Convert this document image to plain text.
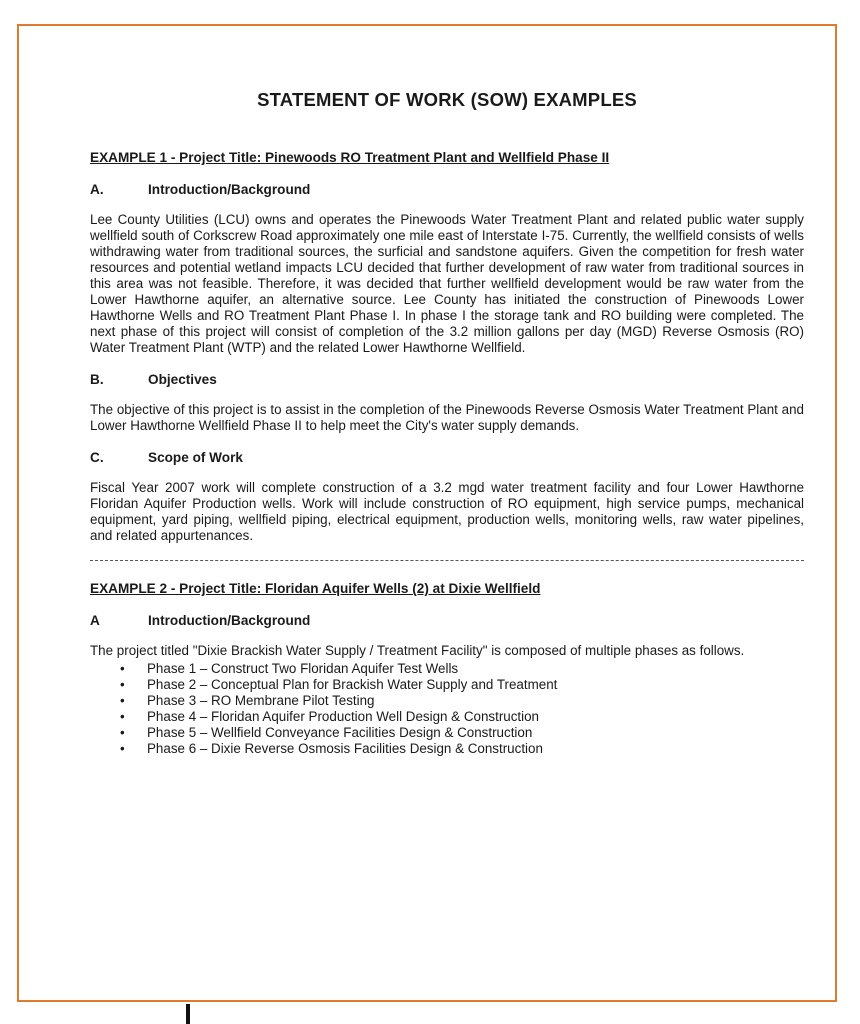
STATEMENT OF WORK (SOW) EXAMPLES
EXAMPLE 1 - Project Title: Pinewoods RO Treatment Plant and Wellfield Phase II
A.	Introduction/Background

Lee County Utilities (LCU) owns and operates the Pinewoods Water Treatment Plant and related public water supply wellfield south of Corkscrew Road approximately one mile east of Interstate I-75. Currently, the wellfield consists of wells withdrawing water from traditional sources, the surficial and sandstone aquifers. Given the competition for fresh water resources and potential wetland impacts LCU decided that further development of raw water from traditional sources in this area was not feasible. Therefore, it was decided that further wellfield development would be raw water from the Lower Hawthorne aquifer, an alternative source. Lee County has initiated the construction of Pinewoods Lower Hawthorne Wells and RO Treatment Plant Phase I. In phase I the storage tank and RO building were completed. The next phase of this project will consist of completion of the 3.2 million gallons per day (MGD) Reverse Osmosis (RO) Water Treatment Plant (WTP) and the related Lower Hawthorne Wellfield.

B.	Objectives

The objective of this project is to assist in the completion of the Pinewoods Reverse Osmosis Water Treatment Plant and Lower Hawthorne Wellfield Phase II to help meet the City's water supply demands.

C.	Scope of Work

Fiscal Year 2007 work will complete construction of a 3.2 mgd water treatment facility and four Lower Hawthorne Floridan Aquifer Production wells. Work will include construction of RO equipment, high service pumps, mechanical equipment, yard piping, wellfield piping, electrical equipment, production wells, monitoring wells, raw water pipelines, and related appurtenances.

EXAMPLE 2 - Project Title: Floridan Aquifer Wells (2) at Dixie Wellfield
A	Introduction/Background

The project titled "Dixie Brackish Water Supply / Treatment Facility" is composed of multiple phases as follows.

• Phase 1 – Construct Two Floridan Aquifer Test Wells
• Phase 2 – Conceptual Plan for Brackish Water Supply and Treatment
• Phase 3 – RO Membrane Pilot Testing
• Phase 4 – Floridan Aquifer Production Well Design & Construction
• Phase 5 – Wellfield Conveyance Facilities Design & Construction
• Phase 6 – Dixie Reverse Osmosis Facilities Design & Construction
